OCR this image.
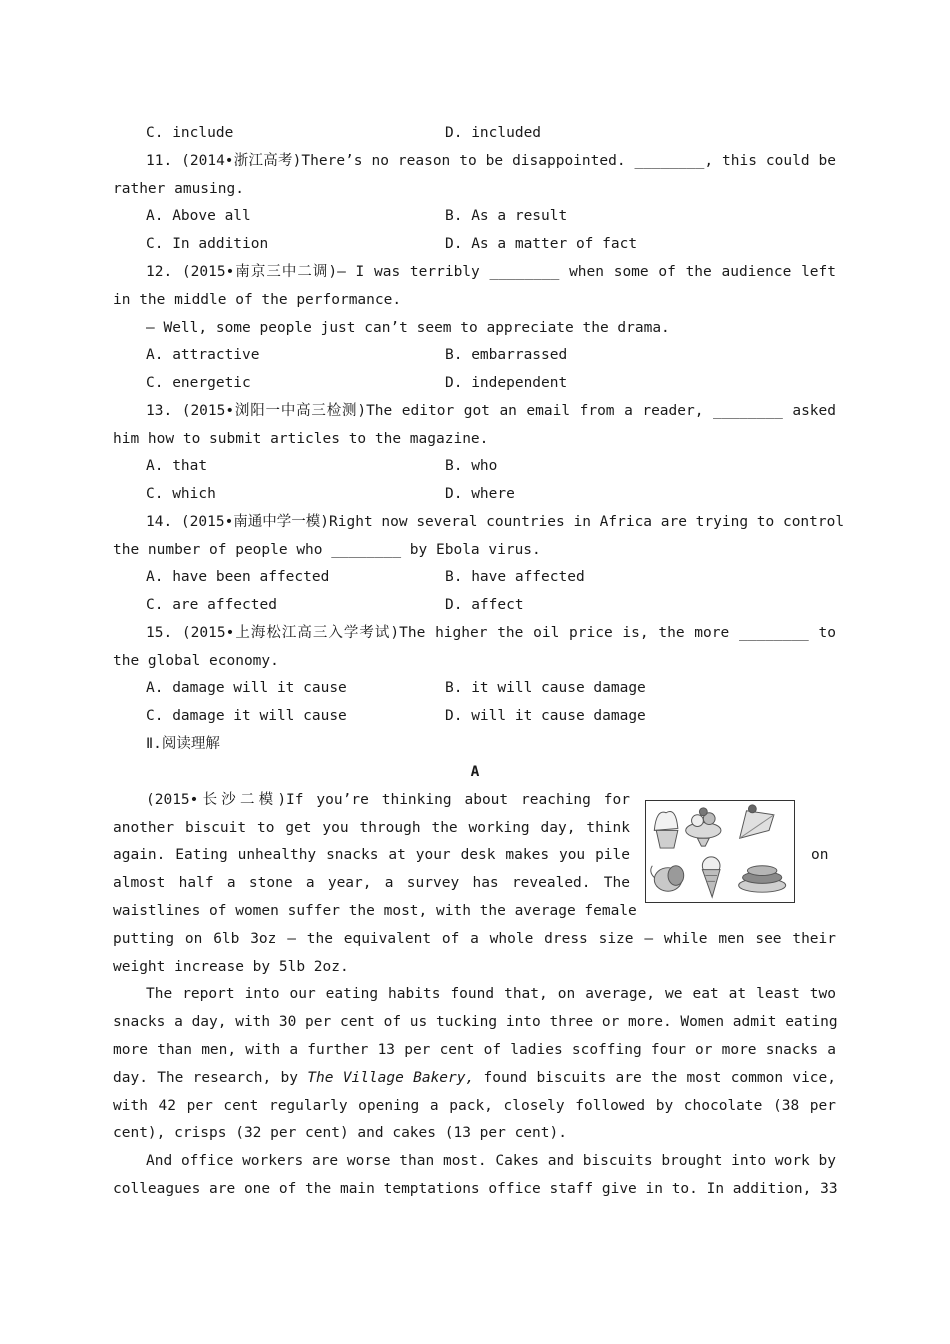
C. include	D. included
11. (2014•浙江高考)There’s no reason to be disappointed. ________, this could be
rather amusing.
A. Above all	B. As a result
C. In addition	D. As a matter of fact
12. (2015•南京三中二调)— I was terribly ________ when some of the audience left
in the middle of the performance.
— Well, some people just can’t seem to appreciate the drama.
A. attractive	B. embarrassed
C. energetic	D. independent
13. (2015•浏阳一中高三检测)The editor got an email from a reader, ________ asked
him how to submit articles to the magazine.
A. that	B. who
C. which	D. where
14. (2015•南通中学一模)Right now several countries in Africa are trying to control
the number of people who ________ by Ebola virus.
A. have been affected	B. have affected
C. are affected	D. affect
15. (2015•上海松江高三入学考试)The higher the oil price is, the more ________ to
the global economy.
A. damage will it cause	B. it will cause damage
C. damage it will cause	D. will it cause damage
Ⅱ.阅读理解
A
(2015•长沙二模)If you’re thinking about reaching for
another biscuit to get you through the working day, think
again. Eating unhealthy snacks at your desk makes you pile	on
almost half a stone a year, a survey has revealed. The
waistlines of women suffer the most, with the average female
putting on 6lb 3oz — the equivalent of a whole dress size — while men see their
weight increase by 5lb 2oz.
The report into our eating habits found that, on average, we eat at least two
snacks a day, with 30 per cent of us tucking into three or more. Women admit eating
more than men, with a further 13 per cent of ladies scoffing four or more snacks a
day. The research, by The Village Bakery, found biscuits are the most common vice,
with 42 per cent regularly opening a pack, closely followed by chocolate (38 per
cent), crisps (32 per cent) and cakes (13 per cent).
And office workers are worse than most. Cakes and biscuits brought into work by
colleagues are one of the main temptations office staff give in to. In addition, 33
